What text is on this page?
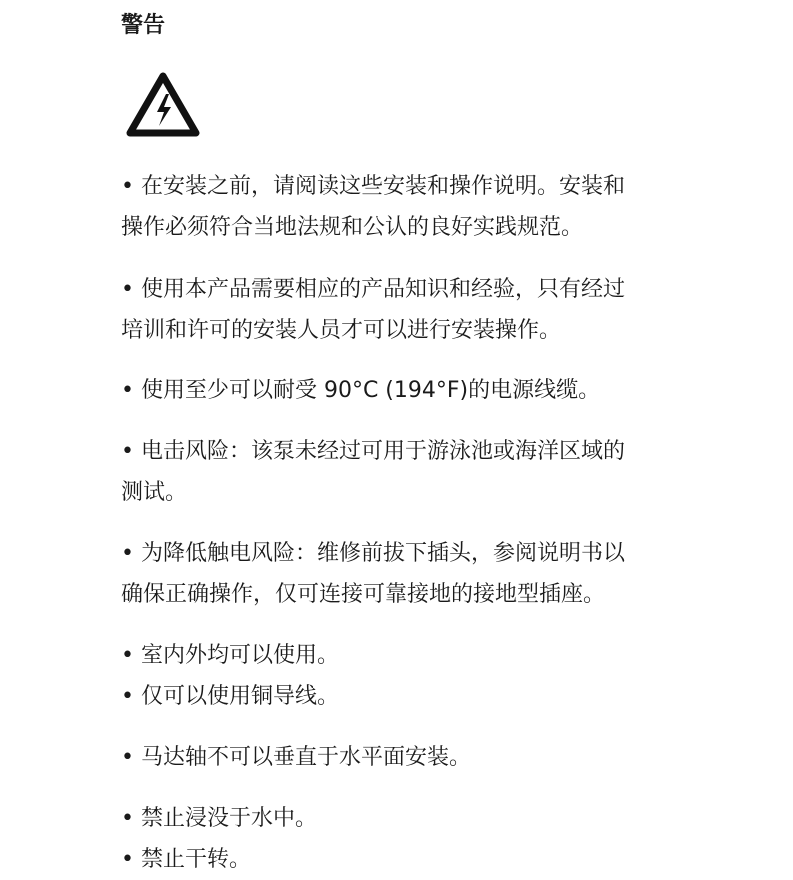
警告

• 在安装之前，请阅读这些安装和操作说明。安装和
操作必须符合当地法规和公认的良好实践规范。

• 使用本产品需要相应的产品知识和经验，只有经过
培训和许可的安装人员才可以进行安装操作。

• 使用至少可以耐受 90°C (194°F)的电源线缆。

• 电击风险：该泵未经过可用于游泳池或海洋区域的
测试。

• 为降低触电风险：维修前拔下插头，参阅说明书以
确保正确操作，仅可连接可靠接地的接地型插座。

• 室内外均可以使用。

• 仅可以使用铜导线。

• 马达轴不可以垂直于水平面安装。

• 禁止浸没于水中。

• 禁止干转。
